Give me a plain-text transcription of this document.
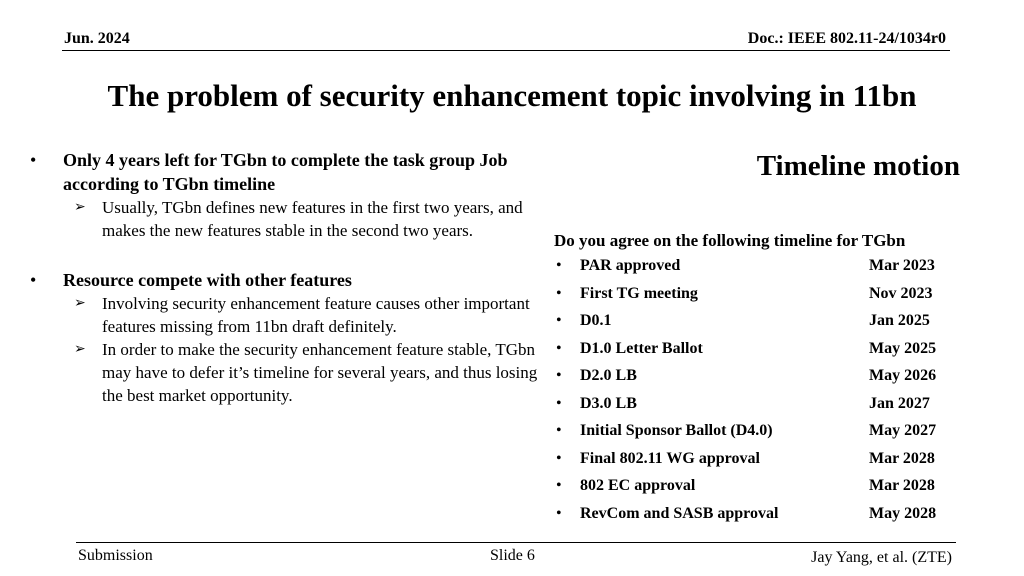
Jun. 2024	Doc.: IEEE 802.11-24/1034r0
The problem of security enhancement topic involving in 11bn
• Only 4 years left for TGbn to complete the task group Job according to TGbn timeline
➢ Usually, TGbn defines new features in the first two years, and makes the new features stable in the second two years.
• Resource compete with other features
➢ Involving security enhancement feature causes other important features missing from 11bn draft definitely.
➢ In order to make the security enhancement feature stable, TGbn may have to defer it’s timeline for several years, and thus losing the best market opportunity.
Timeline motion
Do you agree on the following timeline for TGbn
• PAR approved	Mar 2023
• First TG meeting	Nov 2023
• D0.1	Jan 2025
• D1.0 Letter Ballot	May 2025
• D2.0 LB	May 2026
• D3.0 LB	Jan 2027
• Initial Sponsor Ballot (D4.0)	May 2027
• Final 802.11 WG approval	Mar 2028
• 802 EC approval	Mar 2028
• RevCom and SASB approval	May 2028
Submission	Slide 6	Jay Yang, et al. (ZTE)
